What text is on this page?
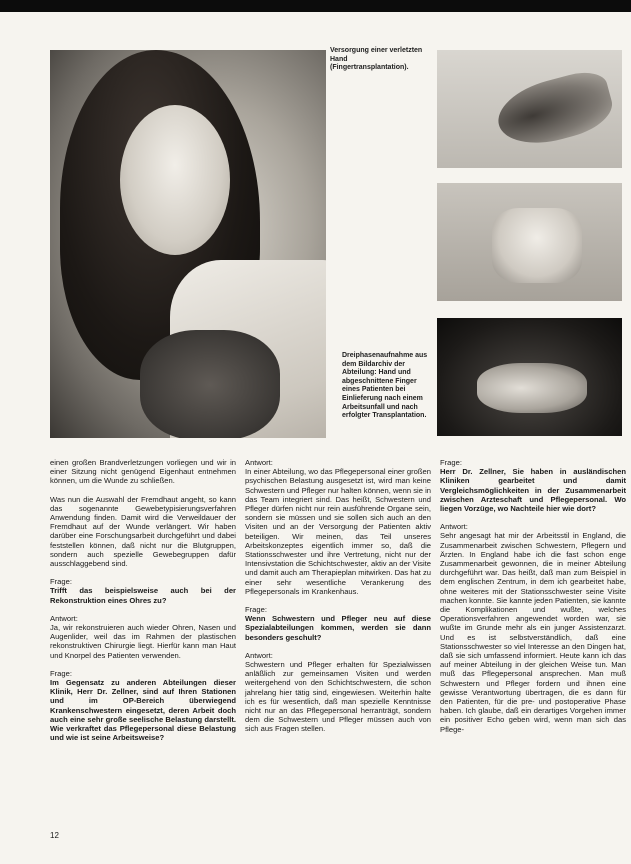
Versorgung einer verletzten Hand (Fingertransplantation).
Dreiphasenaufnahme aus dem Bildarchiv der Abteilung: Hand und abgeschnittene Finger eines Patienten bei Einlieferung nach einem Arbeitsunfall und nach erfolgter Transplantation.

einen großen Brandverletzungen vorliegen und wir in einer Sitzung nicht genügend Eigenhaut entnehmen können, um die Wunde zu schließen.

Was nun die Auswahl der Fremdhaut angeht, so kann das sogenannte Gewebetypisierungsverfahren Anwendung finden. Damit wird die Verweildauer der Fremdhaut auf der Wunde verlängert. Wir haben darüber eine Forschungsarbeit durchgeführt und dabei feststellen können, daß nicht nur die Blutgruppen, sondern auch spezielle Gewebegruppen dafür ausschlaggebend sind.

Frage:
Trifft das beispielsweise auch bei der Rekonstruktion eines Ohres zu?

Antwort:
Ja, wir rekonstruieren auch wieder Ohren, Nasen und Augenlider, weil das im Rahmen der plastischen rekonstruktiven Chirurgie liegt. Hierfür kann man Haut und Knorpel des Patienten verwenden.

Frage:
Im Gegensatz zu anderen Abteilungen dieser Klinik, Herr Dr. Zellner, sind auf Ihren Stationen und im OP-Bereich überwiegend Krankenschwestern eingesetzt, deren Arbeit doch auch eine sehr große seelische Belastung darstellt. Wie verkraftet das Pflegepersonal diese Belastung und wie ist seine Arbeitsweise?

Antwort:
In einer Abteilung, wo das Pflegepersonal einer großen psychischen Belastung ausgesetzt ist, wird man keine Schwestern und Pfleger nur halten können, wenn sie in das Team integriert sind. Das heißt, Schwestern und Pfleger dürfen nicht nur rein ausführende Organe sein, sondern sie müssen und sie sollen sich auch an den Visiten und an der Versorgung der Patienten aktiv beteiligen. Wir meinen, das Teil unseres Arbeitskonzeptes eigentlich immer so, daß die Stationsschwester und ihre Vertretung, nicht nur der Intensivstation die Schichtschwester, aktiv an der Visite und damit auch am Therapieplan mitwirken. Das hat zu einer sehr wesentliche Verankerung des Pflegepersonals im Krankenhaus.

Frage:
Wenn Schwestern und Pfleger neu auf diese Spezialabteilungen kommen, werden sie dann besonders geschult?

Antwort:
Schwestern und Pfleger erhalten für Spezialwissen anläßlich zur gemeinsamen Visiten und werden weitergehend von den Schichtschwestern, die schon jahrelang hier tätig sind, eingewiesen. Weiterhin halte ich es für wesentlich, daß man spezielle Kenntnisse nicht nur an das Pflegepersonal herranträgt, sondern dem die Schwestern und Pfleger müssen auch von sich aus Fragen stellen.

Frage:
Herr Dr. Zellner, Sie haben in ausländischen Kliniken gearbeitet und damit Vergleichsmöglichkeiten in der Zusammenarbeit zwischen Arzteschaft und Pflegepersonal. Wo liegen Vorzüge, wo Nachteile hier wie dort?

Antwort:
Sehr angesagt hat mir der Arbeitsstil in England, die Zusammenarbeit zwischen Schwestern, Pflegern und Ärzten. In England habe ich die fast schon enge Zusammenarbeit gewonnen, die in meiner Abteilung durchgeführt war. Das heißt, daß man zum Beispiel in dem englischen Zentrum, in dem ich gearbeitet habe, ohne weiteres mit der Stationsschwester seine Visite machen konnte. Sie kannte jeden Patienten, sie kannte die Komplikationen und wußte, welches Operationsverfahren angewendet worden war, sie wußte im Grunde mehr als ein junger Assistenzarzt. Und es ist selbstverständlich, daß eine Stationsschwester so viel Interesse an den Dingen hat, daß sie sich umfassend informiert. Heute kann ich das auf meiner Abteilung in der gleichen Weise tun. Man muß das Pflegepersonal ansprechen. Man muß Schwestern und Pfleger fordern und ihnen eine gewisse Verantwortung übertragen, die es dann für den Patienten, für die pre- und postoperative Phase haben. Ich glaube, daß ein derartiges Vorgehen immer ein positiver Echo geben wird, wenn man sich das Pflege-

12
